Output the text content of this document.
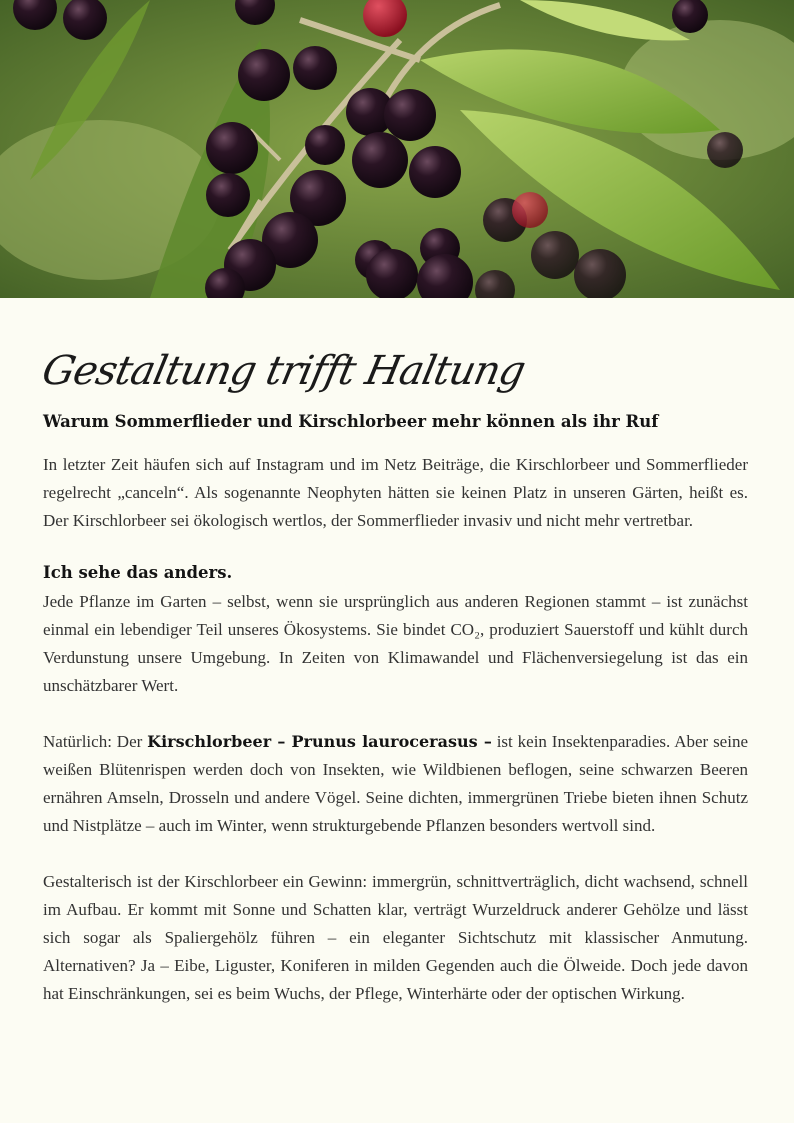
Gestaltung trifft Haltung
Warum Sommerflieder und Kirschlorbeer mehr können als ihr Ruf

In letzter Zeit häufen sich auf Instagram und im Netz Beiträge, die Kirschlorbeer und Sommerflieder regelrecht „canceln“. Als sogenannte Neophyten hätten sie keinen Platz in unseren Gärten, heißt es. Der Kirschlorbeer sei ökologisch wertlos, der Sommerflieder invasiv und nicht mehr vertretbar.

Ich sehe das anders.

Jede Pflanze im Garten – selbst, wenn sie ursprünglich aus anderen Regionen stammt – ist zunächst einmal ein lebendiger Teil unseres Ökosystems. Sie bindet CO₂, produziert Sauerstoff und kühlt durch Verdunstung unsere Umgebung. In Zeiten von Klimawandel und Flächenversiegelung ist das ein unschätzbarer Wert.

Natürlich: Der Kirschlorbeer – Prunus laurocerasus – ist kein Insektenparadies. Aber seine weißen Blütenrispen werden doch von Insekten, wie Wildbienen beflogen, seine schwarzen Beeren ernähren Amseln, Drosseln und andere Vögel. Seine dichten, immergrünen Triebe bieten ihnen Schutz und Nistplätze – auch im Winter, wenn strukturgebende Pflanzen besonders wertvoll sind.

Gestalterisch ist der Kirschlorbeer ein Gewinn: immergrün, schnittverträglich, dicht wachsend, schnell im Aufbau. Er kommt mit Sonne und Schatten klar, verträgt Wurzeldruck anderer Gehölze und lässt sich sogar als Spaliergehölz führen – ein eleganter Sichtschutz mit klassischer Anmutung. Alternativen? Ja – Eibe, Liguster, Koniferen in milden Gegenden auch die Ölweide. Doch jede davon hat Einschränkungen, sei es beim Wuchs, der Pflege, Winterhärte oder der optischen Wirkung.
